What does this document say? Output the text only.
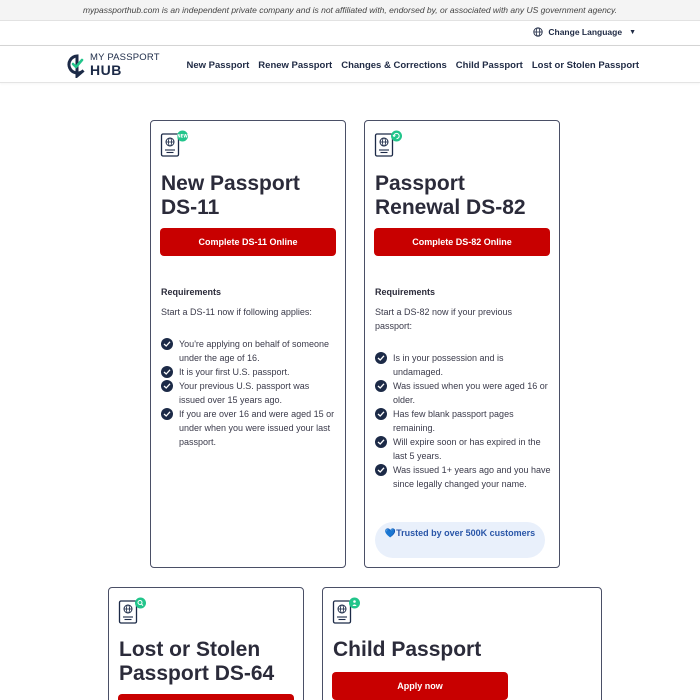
mypassporthub.com is an independent private company and is not affiliated with, endorsed by, or associated with any US government agency.
Change Language ▼
MY PASSPORT
HUB	New Passport Renew Passport Changes & Corrections Child Passport Lost or Stolen Passport
NEW
New Passport DS-11
Complete DS-11 Online
Requirements
Start a DS-11 now if following applies:
You're applying on behalf of someone under the age of 16.
It is your first U.S. passport.
Your previous U.S. passport was issued over 15 years ago.
If you are over 16 and were aged 15 or under when you were issued your last passport.
Passport Renewal DS-82
Complete DS-82 Online
Requirements
Start a DS-82 now if your previous passport:
Is in your possession and is undamaged.
Was issued when you were aged 16 or older.
Has few blank passport pages remaining.
Will expire soon or has expired in the last 5 years.
Was issued 1+ years ago and you have since legally changed your name.
💙Trusted by over 500K customers
Lost or Stolen Passport DS-64
Child Passport
Apply now
